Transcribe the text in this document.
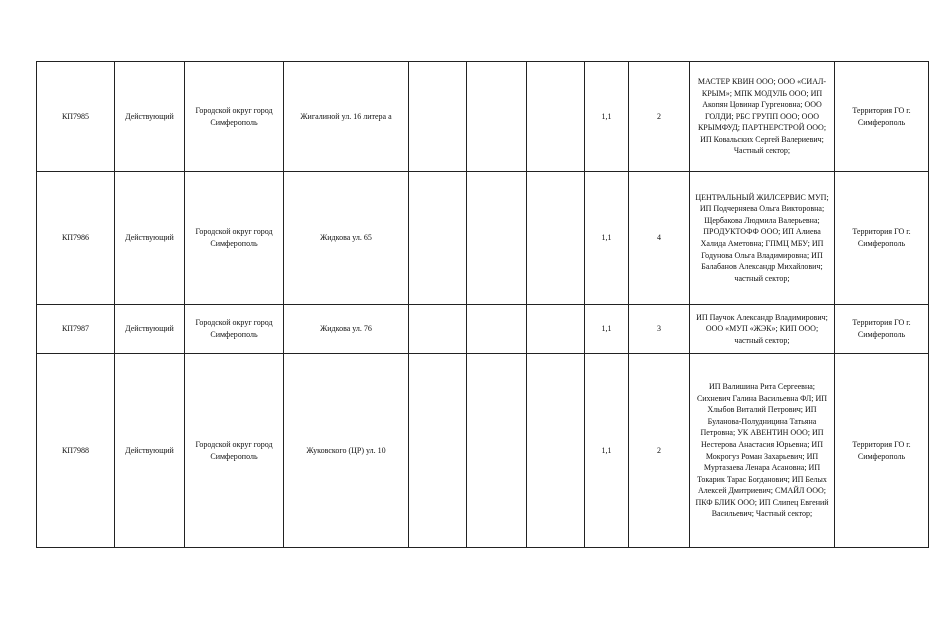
КП7985	Действующий	Городской округ город Симферополь	Жигалиной ул. 16 литера а				1,1	2	МАСТЕР КВИН ООО; ООО «СИАЛ-КРЫМ»; МПК МОДУЛЬ ООО; ИП Акопян Цовинар Гургеновна; ООО ГОЛДИ; РБС ГРУПП ООО; ООО КРЫМФУД; ПАРТНЕРСТРОЙ ООО; ИП Ковальских Сергей Валериевич; Частный сектор;	Территория ГО г. Симферополь
КП7986	Действующий	Городской округ город Симферополь	Жидкова ул. 65				1,1	4	ЦЕНТРАЛЬНЫЙ ЖИЛСЕРВИС МУП; ИП Подчерняева Ольга Викторовна; Щербакова Людмила Валерьевна; ПРОДУКТОФФ ООО; ИП Алиева Халида Аметовна; ГПМЦ МБУ; ИП Годунова Ольга Владимировна; ИП Балабанов Александр Михайлович; частный сектор;	Территория ГО г. Симферополь
КП7987	Действующий	Городской округ город Симферополь	Жидкова ул. 76				1,1	3	ИП Паучок Александр Владимирович; ООО «МУП «ЖЭК»; КИП ООО; частный сектор;	Территория ГО г. Симферополь
КП7988	Действующий	Городской округ город Симферополь	Жуковского (ЦР) ул. 10				1,1	2	ИП Валишина Рита Сергеевна; Сихневич Галина Васильевна ФЛ; ИП Хлыбов Виталий Петрович; ИП Буланова-Полудницина Татьяна Петровна; УК АВЕНТИН ООО; ИП Нестерова Анастасия Юрьевна; ИП Мокрогуз Роман Захарьевич; ИП Муртазаева Ленара Асановна; ИП Токарик Тарас Богданович; ИП Белых Алексей Дмитриевич; СМАЙЛ ООО; ПКФ БЛИК ООО; ИП Слипец Евгений Васильевич; Частный сектор;	Территория ГО г. Симферополь
